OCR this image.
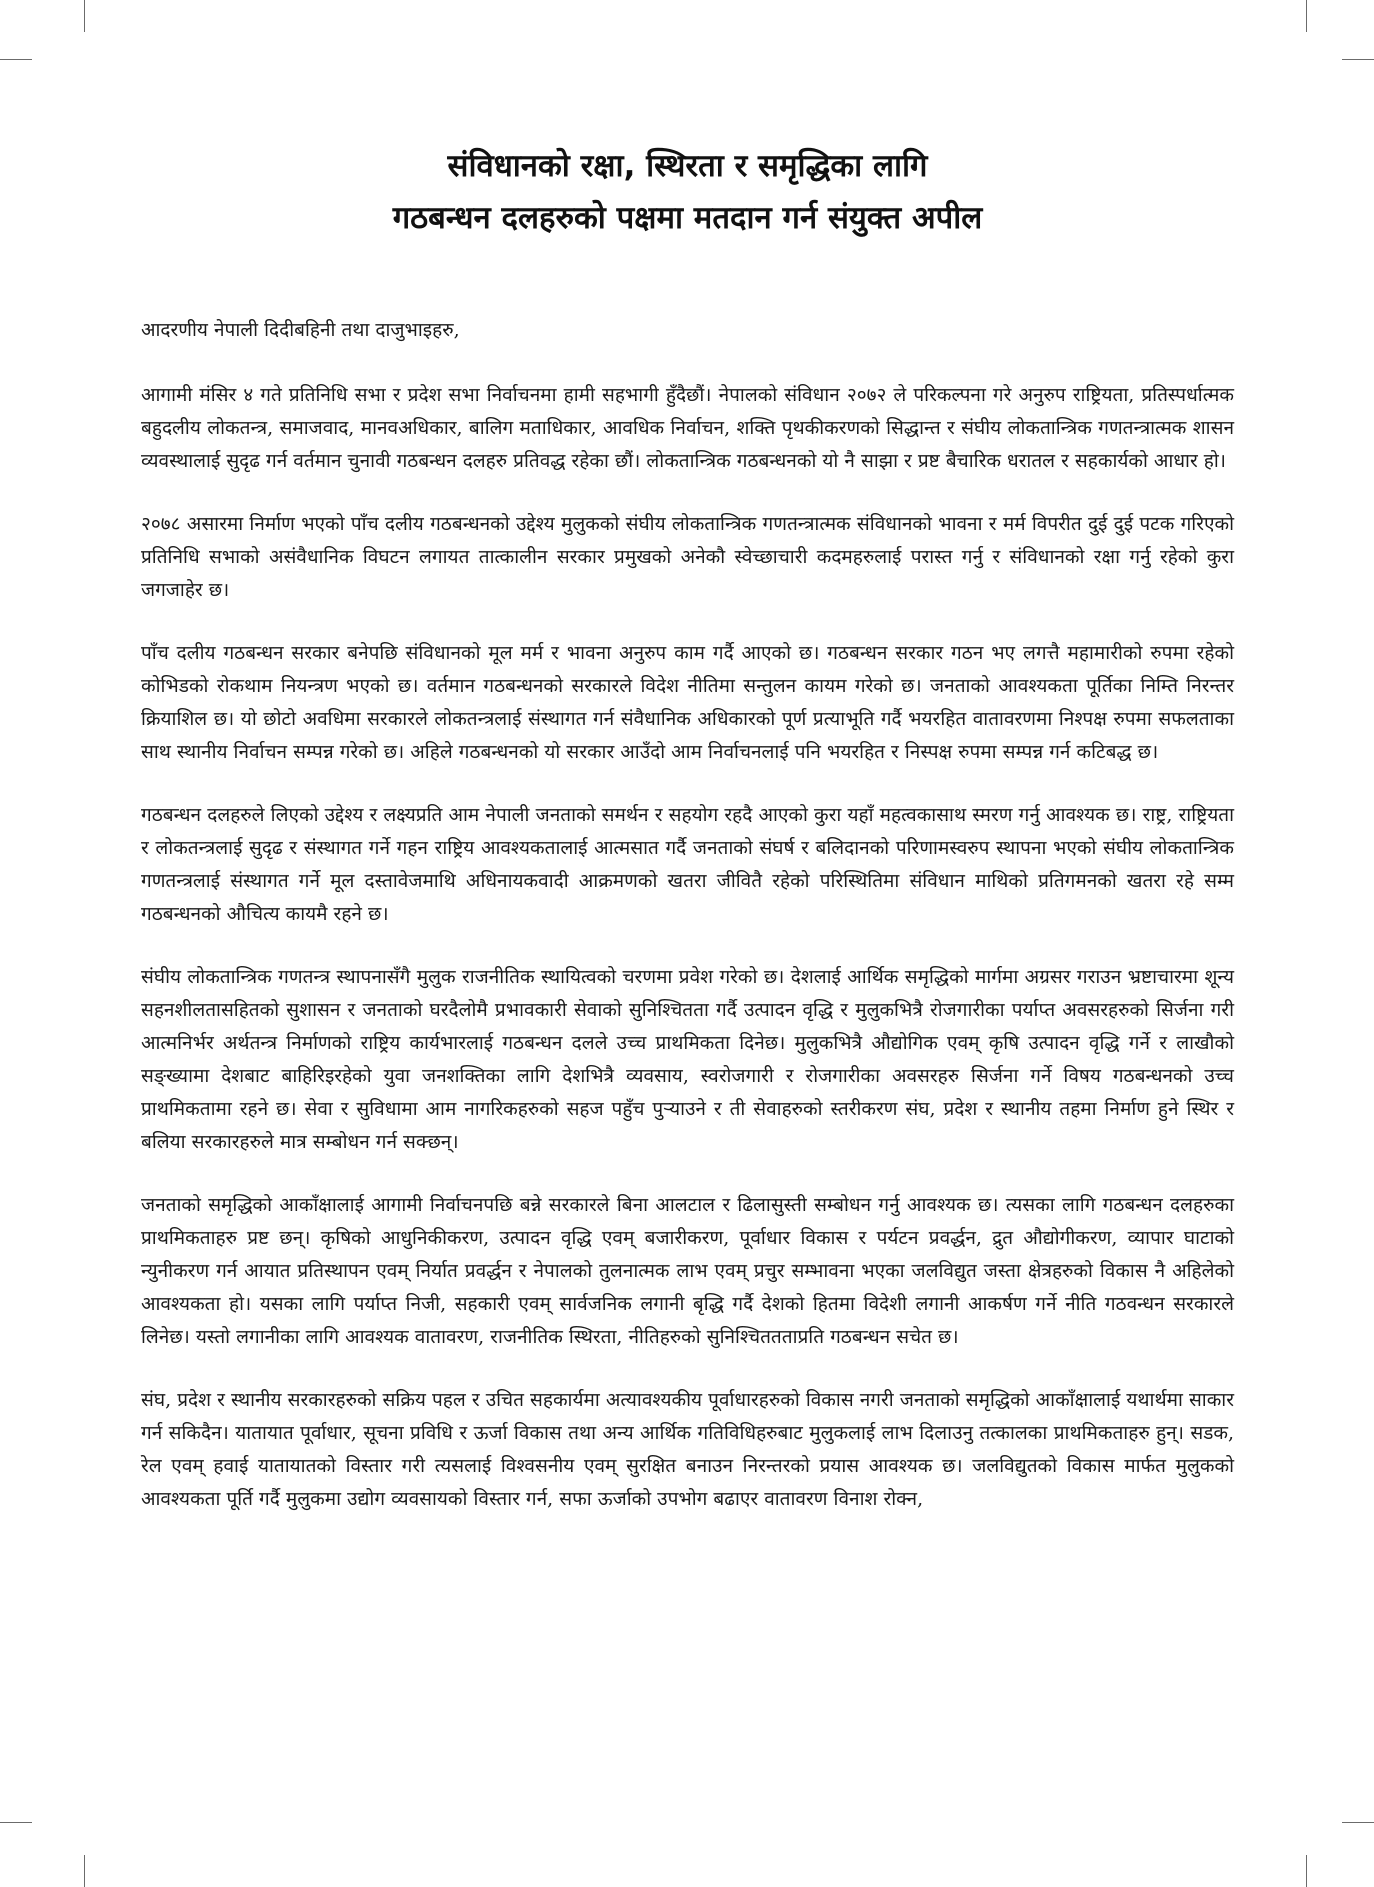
संविधानको रक्षा, स्थिरता र समृद्धिका लागि
गठबन्धन दलहरुको पक्षमा मतदान गर्न संयुक्त अपील

आदरणीय नेपाली दिदीबहिनी तथा दाजुभाइहरु,

आगामी मंसिर ४ गते प्रतिनिधि सभा र प्रदेश सभा निर्वाचनमा हामी सहभागी हुँदैछौं। नेपालको संविधान २०७२ ले परिकल्पना गरे अनुरुप राष्ट्रियता, प्रतिस्पर्धात्मक बहुदलीय लोकतन्त्र, समाजवाद, मानवअधिकार, बालिग मताधिकार, आवधिक निर्वाचन, शक्ति पृथकीकरणको सिद्धान्त र संघीय लोकतान्त्रिक गणतन्त्रात्मक शासन व्यवस्थालाई सुदृढ गर्न वर्तमान चुनावी गठबन्धन दलहरु प्रतिवद्ध रहेका छौं। लोकतान्त्रिक गठबन्धनको यो नै साझा र प्रष्ट बैचारिक धरातल र सहकार्यको आधार हो।

२०७८ असारमा निर्माण भएको पाँच दलीय गठबन्धनको उद्देश्य मुलुकको संघीय लोकतान्त्रिक गणतन्त्रात्मक संविधानको भावना र मर्म विपरीत दुई दुई पटक गरिएको प्रतिनिधि सभाको असंवैधानिक विघटन लगायत तात्कालीन सरकार प्रमुखको अनेकौ स्वेच्छाचारी कदमहरुलाई परास्त गर्नु र संविधानको रक्षा गर्नु रहेको कुरा जगजाहेर छ।

पाँच दलीय गठबन्धन सरकार बनेपछि संविधानको मूल मर्म र भावना अनुरुप काम गर्दै आएको छ। गठबन्धन सरकार गठन भए लगत्तै महामारीको रुपमा रहेको कोभिडको रोकथाम नियन्त्रण भएको छ। वर्तमान गठबन्धनको सरकारले विदेश नीतिमा सन्तुलन कायम गरेको छ। जनताको आवश्यकता पूर्तिका निम्ति निरन्तर क्रियाशिल छ। यो छोटो अवधिमा सरकारले लोकतन्त्रलाई संस्थागत गर्न संवैधानिक अधिकारको पूर्ण प्रत्याभूति गर्दै भयरहित वातावरणमा निश्पक्ष रुपमा सफलताका साथ स्थानीय निर्वाचन सम्पन्न गरेको छ। अहिले गठबन्धनको यो सरकार आउँदो आम निर्वाचनलाई पनि भयरहित र निस्पक्ष रुपमा सम्पन्न गर्न कटिबद्ध छ।

गठबन्धन दलहरुले लिएको उद्देश्य र लक्ष्यप्रति आम नेपाली जनताको समर्थन र सहयोग रहदै आएको कुरा यहाँ महत्वकासाथ स्मरण गर्नु आवश्यक छ। राष्ट्र, राष्ट्रियता र लोकतन्त्रलाई सुदृढ र संस्थागत गर्ने गहन राष्ट्रिय आवश्यकतालाई आत्मसात गर्दै जनताको संघर्ष र बलिदानको परिणामस्वरुप स्थापना भएको संघीय लोकतान्त्रिक गणतन्त्रलाई संस्थागत गर्ने मूल दस्तावेजमाथि अधिनायकवादी आक्रमणको खतरा जीवितै रहेको परिस्थितिमा संविधान माथिको प्रतिगमनको खतरा रहे सम्म गठबन्धनको औचित्य कायमै रहने छ।

संघीय लोकतान्त्रिक गणतन्त्र स्थापनासँगै मुलुक राजनीतिक स्थायित्वको चरणमा प्रवेश गरेको छ। देशलाई आर्थिक समृद्धिको मार्गमा अग्रसर गराउन भ्रष्टाचारमा शून्य सहनशीलतासहितको सुशासन र जनताको घरदैलोमै प्रभावकारी सेवाको सुनिश्चितता गर्दै उत्पादन वृद्धि र मुलुकभित्रै रोजगारीका पर्याप्त अवसरहरुको सिर्जना गरी आत्मनिर्भर अर्थतन्त्र निर्माणको राष्ट्रिय कार्यभारलाई गठबन्धन दलले उच्च प्राथमिकता दिनेछ। मुलुकभित्रै औद्योगिक एवम् कृषि उत्पादन वृद्धि गर्ने र लाखौको सङ्ख्यामा देशबाट बाहिरिइरहेको युवा जनशक्तिका लागि देशभित्रै व्यवसाय, स्वरोजगारी र रोजगारीका अवसरहरु सिर्जना गर्ने विषय गठबन्धनको उच्च प्राथमिकतामा रहने छ। सेवा र सुविधामा आम नागरिकहरुको सहज पहुँच पुर्‍याउने र ती सेवाहरुको स्तरीकरण संघ, प्रदेश र स्थानीय तहमा निर्माण हुने स्थिर र बलिया सरकारहरुले मात्र सम्बोधन गर्न सक्छन्।

जनताको समृद्धिको आकाँक्षालाई आगामी निर्वाचनपछि बन्ने सरकारले बिना आलटाल र ढिलासुस्ती सम्बोधन गर्नु आवश्यक छ। त्यसका लागि गठबन्धन दलहरुका प्राथमिकताहरु प्रष्ट छन्। कृषिको आधुनिकीकरण, उत्पादन वृद्धि एवम् बजारीकरण, पूर्वाधार विकास र पर्यटन प्रवर्द्धन, द्रुत औद्योगीकरण, व्यापार घाटाको न्युनीकरण गर्न आयात प्रतिस्थापन एवम् निर्यात प्रवर्द्धन र नेपालको तुलनात्मक लाभ एवम् प्रचुर सम्भावना भएका जलविद्युत जस्ता क्षेत्रहरुको विकास नै अहिलेको आवश्यकता हो। यसका लागि पर्याप्त निजी, सहकारी एवम् सार्वजनिक लगानी बृद्धि गर्दै देशको हितमा विदेशी लगानी आकर्षण गर्ने नीति गठवन्धन सरकारले लिनेछ। यस्तो लगानीका लागि आवश्यक वातावरण, राजनीतिक स्थिरता, नीतिहरुको सुनिश्चिततताप्रति गठबन्धन सचेत छ।

संघ, प्रदेश र स्थानीय सरकारहरुको सक्रिय पहल र उचित सहकार्यमा अत्यावश्यकीय पूर्वाधारहरुको विकास नगरी जनताको समृद्धिको आकाँक्षालाई यथार्थमा साकार गर्न सकिदैन। यातायात पूर्वाधार, सूचना प्रविधि र ऊर्जा विकास तथा अन्य आर्थिक गतिविधिहरुबाट मुलुकलाई लाभ दिलाउनु तत्कालका प्राथमिकताहरु हुन्। सडक, रेल एवम् हवाई यातायातको विस्तार गरी त्यसलाई विश्वसनीय एवम् सुरक्षित बनाउन निरन्तरको प्रयास आवश्यक छ। जलविद्युतको विकास मार्फत मुलुकको आवश्यकता पूर्ति गर्दै मुलुकमा उद्योग व्यवसायको विस्तार गर्न, सफा ऊर्जाको उपभोग बढाएर वातावरण विनाश रोक्न,
